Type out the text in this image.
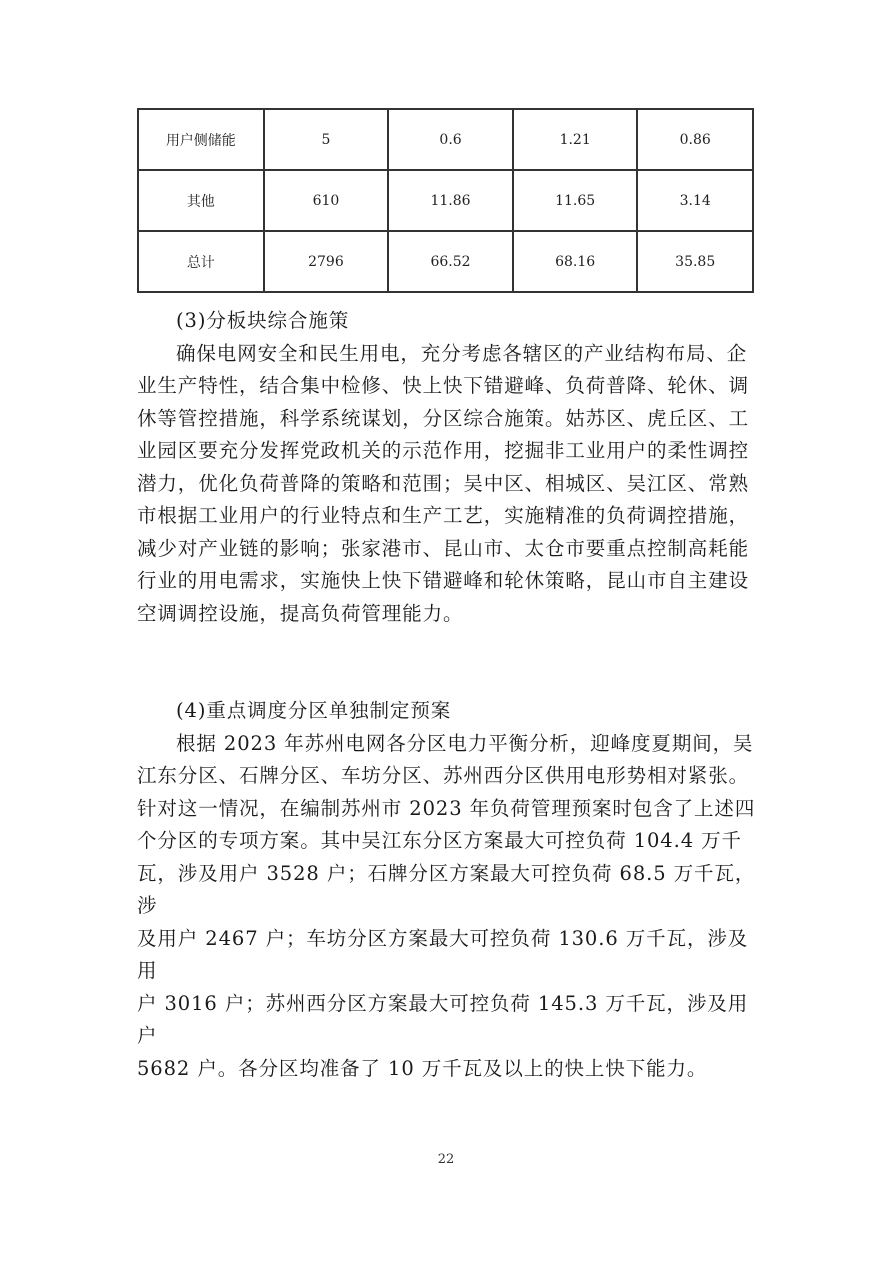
用户侧储能	5	0.6	1.21	0.86
其他	610	11.86	11.65	3.14
总计	2796	66.52	68.16	35.85

(3)分板块综合施策

确保电网安全和民生用电，充分考虑各辖区的产业结构布局、企

业生产特性，结合集中检修、快上快下错避峰、负荷普降、轮休、调

休等管控措施，科学系统谋划，分区综合施策。姑苏区、虎丘区、工

业园区要充分发挥党政机关的示范作用，挖掘非工业用户的柔性调控

潜力，优化负荷普降的策略和范围；吴中区、相城区、吴江区、常熟

市根据工业用户的行业特点和生产工艺，实施精准的负荷调控措施，

减少对产业链的影响；张家港市、昆山市、太仓市要重点控制高耗能

行业的用电需求，实施快上快下错避峰和轮休策略，昆山市自主建设

空调调控设施，提高负荷管理能力。

(4)重点调度分区单独制定预案

根据 2023 年苏州电网各分区电力平衡分析，迎峰度夏期间，吴

江东分区、石牌分区、车坊分区、苏州西分区供用电形势相对紧张。

针对这一情况，在编制苏州市 2023 年负荷管理预案时包含了上述四

个分区的专项方案。其中吴江东分区方案最大可控负荷 104.4 万千

瓦，涉及用户 3528 户；石牌分区方案最大可控负荷 68.5 万千瓦，涉

及用户 2467 户；车坊分区方案最大可控负荷 130.6 万千瓦，涉及用

户 3016 户；苏州西分区方案最大可控负荷 145.3 万千瓦，涉及用户

5682 户。各分区均准备了 10 万千瓦及以上的快上快下能力。

22
